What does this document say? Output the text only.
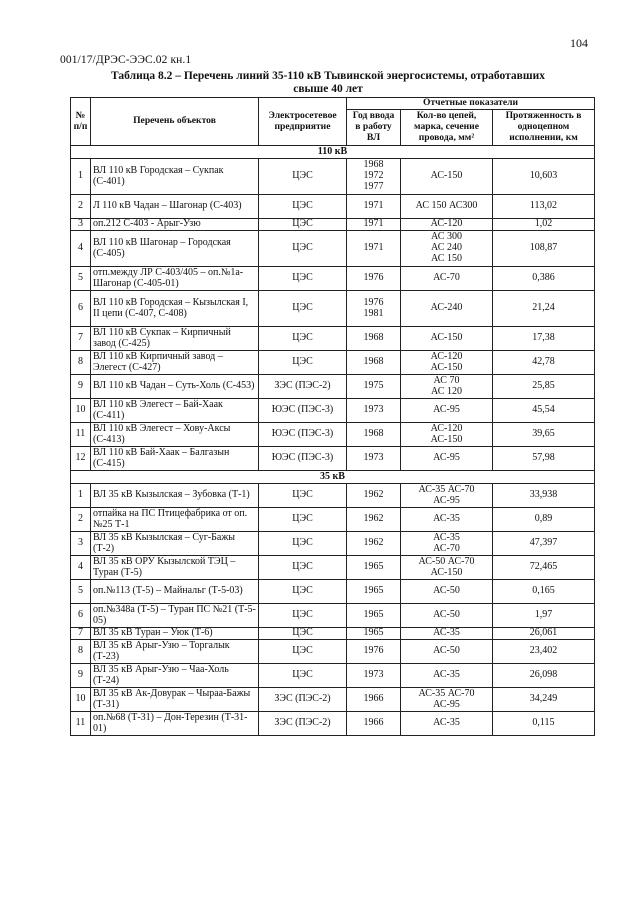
104
001/17/ДРЭС-ЭЭС.02 кн.1
Таблица 8.2 – Перечень линий 35-110 кВ Тывинской энергосистемы, отработавших
свыше 40 лет
№ п/п	Перечень объектов	Электросетевое предприятие	Отчетные показатели		
			Год ввода в работу ВЛ	Кол-во цепей, марка, сечение провода, мм²	Протяженность в одноцепном исполнении, км
110 кВ					
1	ВЛ 110 кВ Городская – Сукпак (С-401)	ЦЭС	1968
1972
1977	АС-150	10,603
2	Л 110 кВ Чадан – Шагонар (С-403)	ЦЭС	1971	АС 150 АС300	113,02
3	оп.212 С-403 - Арыг-Узю	ЦЭС	1971	АС-120	1,02
4	ВЛ 110 кВ Шагонар – Городская (С-405)	ЦЭС	1971	АС 300
АС 240
АС 150	108,87
5	отп.между ЛР С-403/405 – оп.№1а-Шагонар (С-405-01)	ЦЭС	1976	АС-70	0,386
6	ВЛ 110 кВ Городская – Кызылская I, II цепи (С-407, С-408)	ЦЭС	1976
1981	АС-240	21,24
7	ВЛ 110 кВ Сукпак – Кирпичный завод (С-425)	ЦЭС	1968	АС-150	17,38
8	ВЛ 110 кВ Кирпичный завод – Элегест (С-427)	ЦЭС	1968	АС-120
АС-150	42,78
9	ВЛ 110 кВ Чадан – Суть-Холь (С-453)	ЗЭС (ПЭС-2)	1975	АС 70
АС 120	25,85
10	ВЛ 110 кВ Элегест – Бай-Хаак (С-411)	ЮЭС (ПЭС-3)	1973	АС-95	45,54
11	ВЛ 110 кВ Элегест – Хову-Аксы (С-413)	ЮЭС (ПЭС-3)	1968	АС-120
АС-150	39,65
12	ВЛ 110 кВ Бай-Хаак – Балгазын (С-415)	ЮЭС (ПЭС-3)	1973	АС-95	57,98
35 кВ					
1	ВЛ 35 кВ Кызылская – Зубовка (Т-1)	ЦЭС	1962	АС-35 АС-70
АС-95	33,938
2	отпайка на ПС Птицефабрика от оп.№25 Т-1	ЦЭС	1962	АС-35	0,89
3	ВЛ 35 кВ Кызылская – Суг-Бажы (Т-2)	ЦЭС	1962	АС-35
АС-70	47,397
4	ВЛ 35 кВ ОРУ Кызылской ТЭЦ – Туран (Т-5)	ЦЭС	1965	АС-50 АС-70
АС-150	72,465
5	оп.№113 (Т-5) – Майнальг (Т-5-03)	ЦЭС	1965	АС-50	0,165
6	оп.№348а (Т-5) – Туран ПС №21 (Т-5-05)	ЦЭС	1965	АС-50	1,97
7	ВЛ 35 кВ Туран – Уюк (Т-6)	ЦЭС	1965	АС-35	26,061
8	ВЛ 35 кВ Арыг-Узю – Торгалык (Т-23)	ЦЭС	1976	АС-50	23,402
9	ВЛ 35 кВ Арыг-Узю – Чаа-Холь (Т-24)	ЦЭС	1973	АС-35	26,098
10	ВЛ 35 кВ Ак-Довурак – Чыраа-Бажы (Т-31)	ЗЭС (ПЭС-2)	1966	АС-35 АС-70
АС-95	34,249
11	оп.№68 (Т-31) – Дон-Терезин (Т-31-01)	ЗЭС (ПЭС-2)	1966	АС-35	0,115
